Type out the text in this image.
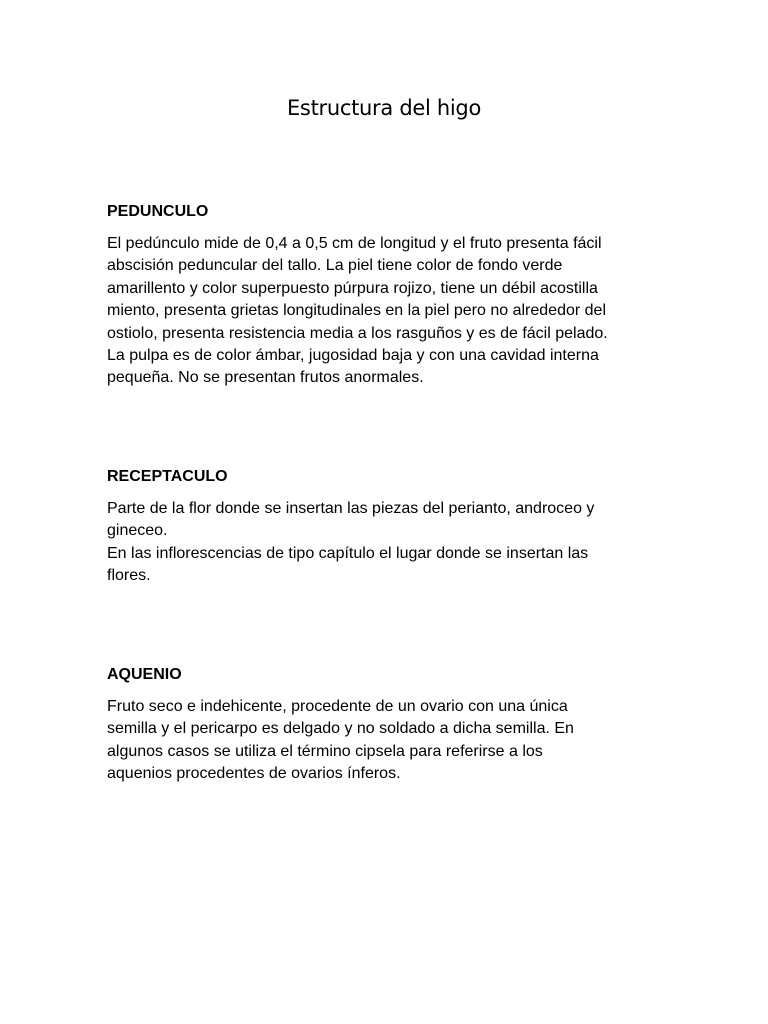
Estructura del higo
PEDUNCULO

El pedúnculo mide de 0,4 a 0,5 cm de longitud y el fruto presenta fácil
abscisión peduncular del tallo. La piel tiene color de fondo verde
amarillento y color superpuesto púrpura rojizo, tiene un débil acostilla
miento, presenta grietas longitudinales en la piel pero no alrededor del
ostiolo, presenta resistencia media a los rasguños y es de fácil pelado.
La pulpa es de color ámbar, jugosidad baja y con una cavidad interna
pequeña. No se presentan frutos anormales.

RECEPTACULO

Parte de la flor donde se insertan las piezas del perianto, androceo y
gineceo.
En las inflorescencias de tipo capítulo el lugar donde se insertan las
flores.

AQUENIO

Fruto seco e indehicente, procedente de un ovario con una única
semilla y el pericarpo es delgado y no soldado a dicha semilla. En
algunos casos se utiliza el término cipsela para referirse a los
aquenios procedentes de ovarios ínferos.
